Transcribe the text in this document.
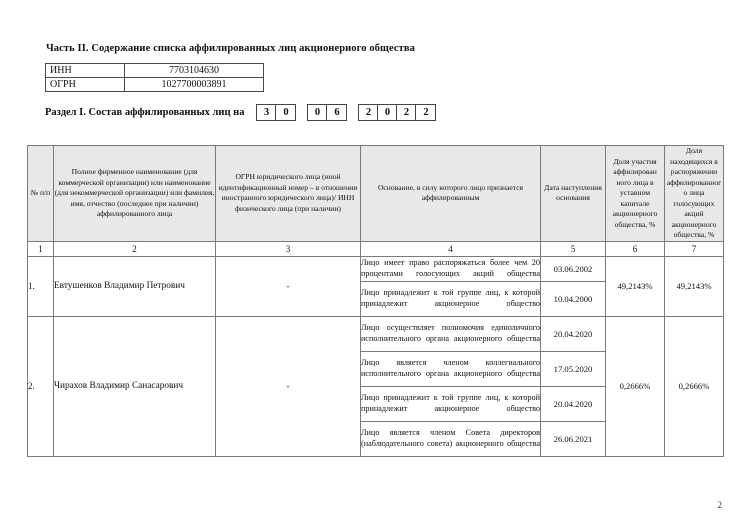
Часть II. Содержание списка аффилированных лиц акционериого общества
ИНН	7703104630
ОГРН	1027700003891
Раздел I. Состав аффилированных лиц на	3	0	0	6	2	0	2	2
№ п/п	Полное фирменное наименование (для коммерческой организации) или наименование (для некоммерческой организации) или фамилия, имя, отчество (последнее при наличии) аффилированного лица	ОГРН юридического лица (иной идентификационный номер – в отношении иностранного юридического лица)/ ИНН физического лица (при наличии)	Основание, в силу которого лицо признается аффилированным	Дата наступления основания	Доля участия аффилирован ного лица в уставном капитале акционерного общества, %	Доля находящихся в распоряжении аффилированног о лица голосующих акций акционерного общества, %
1	2	3	4	5	6	7
1.	Евтушенков Владимир Петрович	-	Лицо имеет право распоряжаться более чем 20 процентами голосующих акций общества	03.06.2002	49,2143%	49,2143%
			Лицо принадлежит к той группе лиц, к которой принадлежит акционерное общество	10.04.2000		
2.	Чирахов Владимир Санасарович	-	Лицо осуществляет полномочия единоличного исполнительного органа акционерного общества	20.04.2020	0,2666%	0,2666%
			Лицо является членом коллегиального исполнительного органа акционерного общества	17.05.2020		
			Лицо принадлежит к той группе лиц, к которой принадлежит акционерное общество	20.04.2020		
			Лицо является членом Совета директоров (наблюдательного совета) акционерного общества	26.06.2021		
2
